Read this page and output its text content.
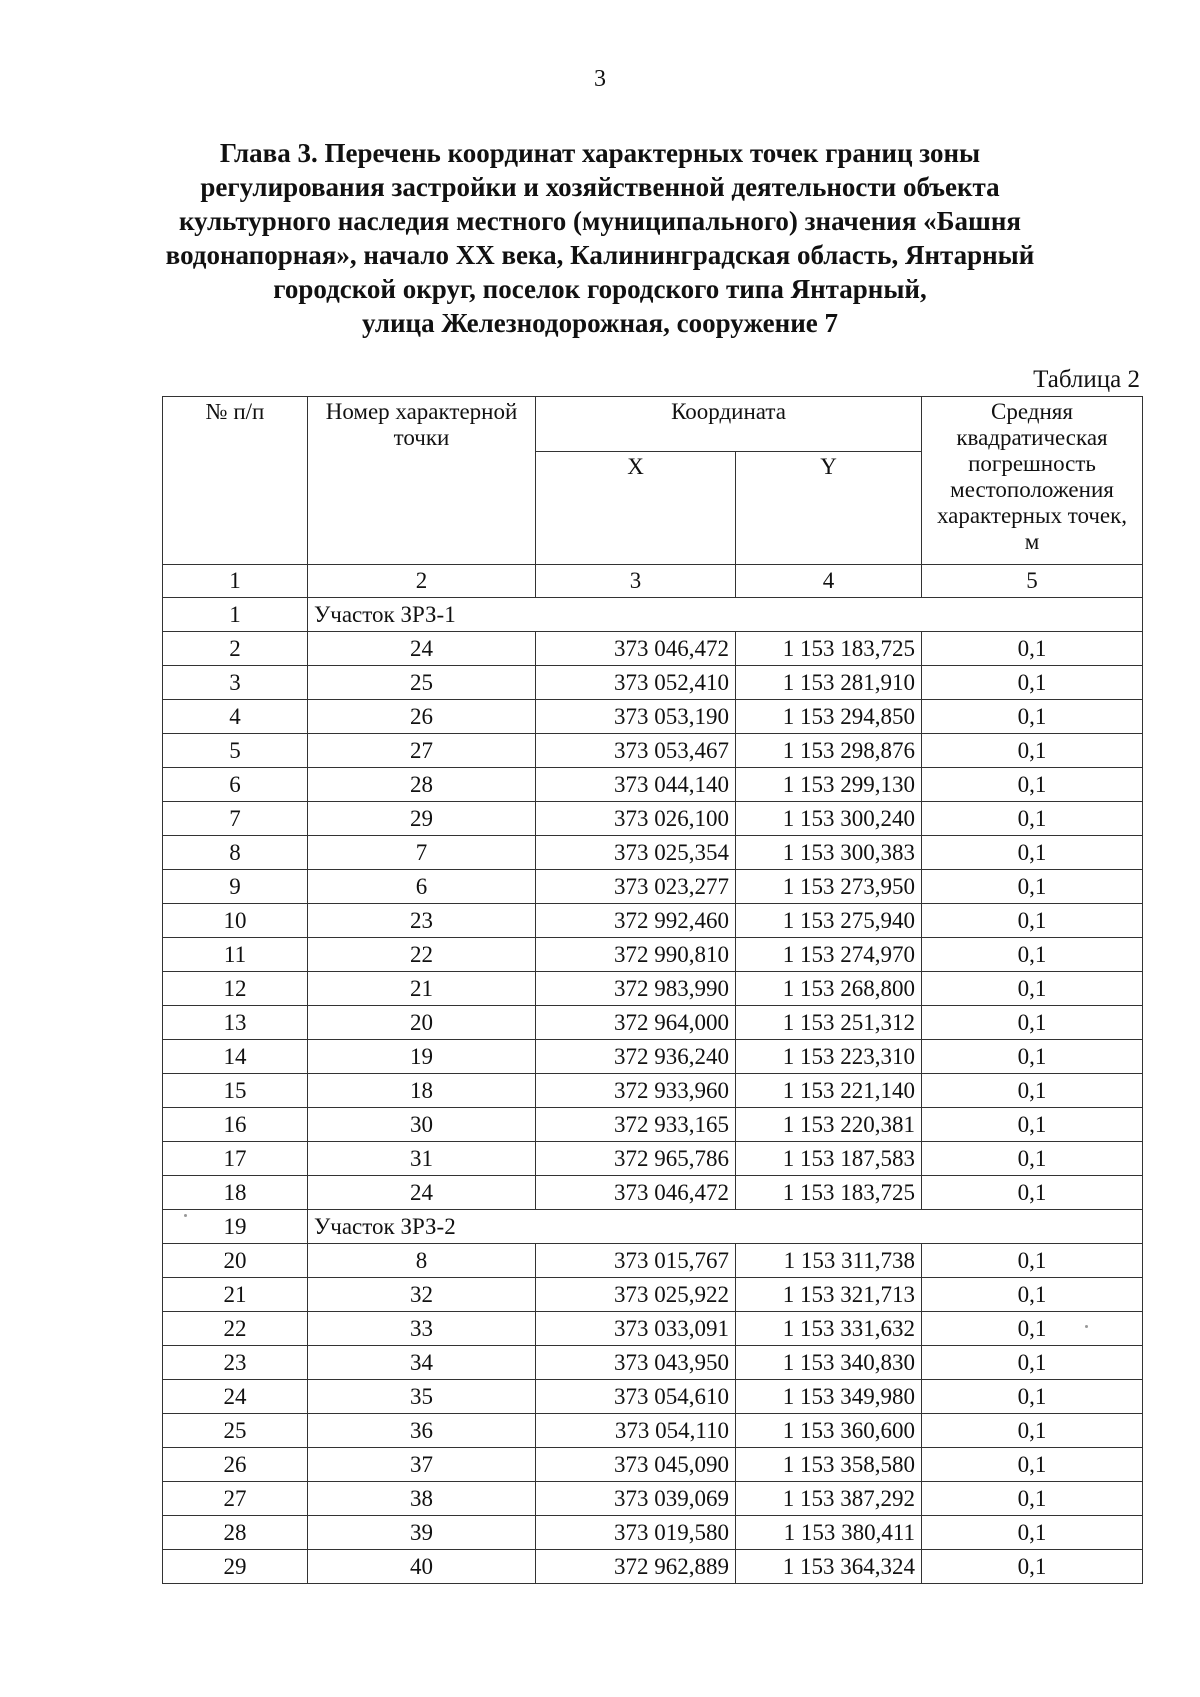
3
Глава 3. Перечень координат характерных точек границ зоны
регулирования застройки и хозяйственной деятельности объекта
культурного наследия местного (муниципального) значения «Башня
водонапорная», начало XX века, Калининградская область, Янтарный
городской округ, поселок городского типа Янтарный,
улица Железнодорожная, сооружение 7
Таблица 2
№ п/п	Номер характерной точки	Координата		Средняя квадратическая погрешность местоположения характерных точек, м
		X	Y	
1	2	3	4	5
1	Участок ЗРЗ-1			
2	24	373 046,472	1 153 183,725	0,1
3	25	373 052,410	1 153 281,910	0,1
4	26	373 053,190	1 153 294,850	0,1
5	27	373 053,467	1 153 298,876	0,1
6	28	373 044,140	1 153 299,130	0,1
7	29	373 026,100	1 153 300,240	0,1
8	7	373 025,354	1 153 300,383	0,1
9	6	373 023,277	1 153 273,950	0,1
10	23	372 992,460	1 153 275,940	0,1
11	22	372 990,810	1 153 274,970	0,1
12	21	372 983,990	1 153 268,800	0,1
13	20	372 964,000	1 153 251,312	0,1
14	19	372 936,240	1 153 223,310	0,1
15	18	372 933,960	1 153 221,140	0,1
16	30	372 933,165	1 153 220,381	0,1
17	31	372 965,786	1 153 187,583	0,1
18	24	373 046,472	1 153 183,725	0,1
19	Участок ЗРЗ-2			
20	8	373 015,767	1 153 311,738	0,1
21	32	373 025,922	1 153 321,713	0,1
22	33	373 033,091	1 153 331,632	0,1
23	34	373 043,950	1 153 340,830	0,1
24	35	373 054,610	1 153 349,980	0,1
25	36	373 054,110	1 153 360,600	0,1
26	37	373 045,090	1 153 358,580	0,1
27	38	373 039,069	1 153 387,292	0,1
28	39	373 019,580	1 153 380,411	0,1
29	40	372 962,889	1 153 364,324	0,1
